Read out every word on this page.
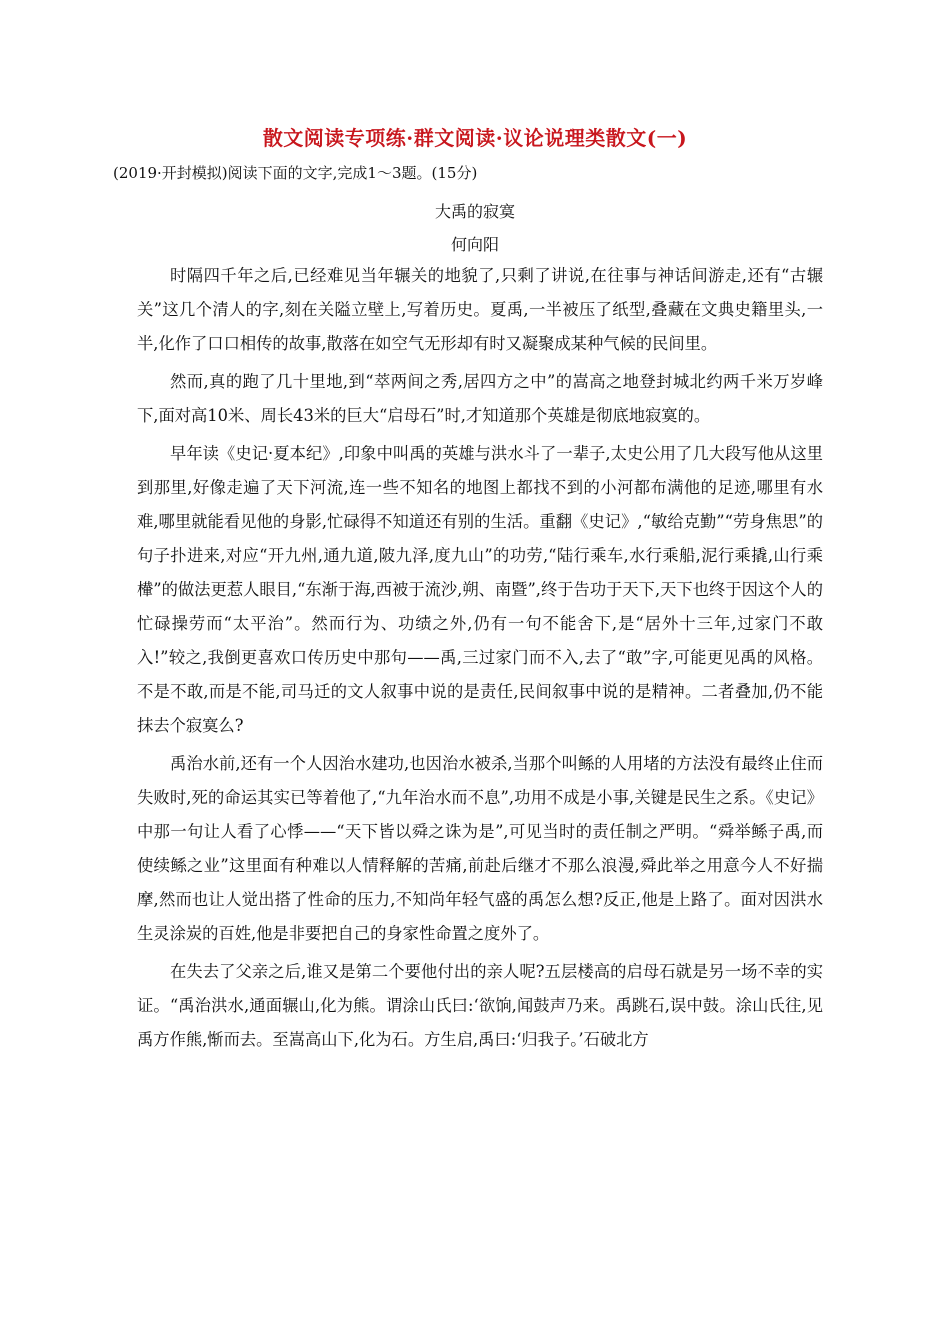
散文阅读专项练·群文阅读·议论说理类散文(一)
(2019·开封模拟)阅读下面的文字,完成1～3题。(15分)
大禹的寂寞
何向阳

时隔四千年之后,已经难见当年辗关的地貌了,只剩了讲说,在往事与神话间游走,还有“古辗关”这几个清人的字,刻在关隘立壁上,写着历史。夏禹,一半被压了纸型,叠藏在文典史籍里头,一半,化作了口口相传的故事,散落在如空气无形却有时又凝聚成某种气候的民间里。

然而,真的跑了几十里地,到“萃两间之秀,居四方之中”的嵩高之地登封城北约两千米万岁峰下,面对高10米、周长43米的巨大“启母石”时,才知道那个英雄是彻底地寂寞的。

早年读《史记·夏本纪》,印象中叫禹的英雄与洪水斗了一辈子,太史公用了几大段写他从这里到那里,好像走遍了天下河流,连一些不知名的地图上都找不到的小河都布满他的足迹,哪里有水难,哪里就能看见他的身影,忙碌得不知道还有别的生活。重翻《史记》,“敏给克勤”“劳身焦思”的句子扑进来,对应“开九州,通九道,陂九泽,度九山”的功劳,“陆行乘车,水行乘船,泥行乘撬,山行乘檋”的做法更惹人眼目,“东渐于海,西被于流沙,朔、南暨”,终于告功于天下,天下也终于因这个人的忙碌操劳而“太平治”。然而行为、功绩之外,仍有一句不能舍下,是“居外十三年,过家门不敢入!”较之,我倒更喜欢口传历史中那句——禹,三过家门而不入,去了“敢”字,可能更见禹的风格。不是不敢,而是不能,司马迁的文人叙事中说的是责任,民间叙事中说的是精神。二者叠加,仍不能抹去个寂寞么?

禹治水前,还有一个人因治水建功,也因治水被杀,当那个叫鲧的人用堵的方法没有最终止住而失败时,死的命运其实已等着他了,“九年治水而不息”,功用不成是小事,关键是民生之系。《史记》中那一句让人看了心悸——“天下皆以舜之诛为是”,可见当时的责任制之严明。“舜举鲧子禹,而使续鲧之业”这里面有种难以人情释解的苦痛,前赴后继才不那么浪漫,舜此举之用意今人不好揣摩,然而也让人觉出搭了性命的压力,不知尚年轻气盛的禹怎么想?反正,他是上路了。面对因洪水生灵涂炭的百姓,他是非要把自己的身家性命置之度外了。

在失去了父亲之后,谁又是第二个要他付出的亲人呢?五层楼高的启母石就是另一场不幸的实证。“禹治洪水,通面辗山,化为熊。谓涂山氏曰:‘欲饷,闻鼓声乃来。禹跳石,误中鼓。涂山氏往,见禹方作熊,惭而去。至嵩高山下,化为石。方生启,禹曰:‘归我子。’石破北方
